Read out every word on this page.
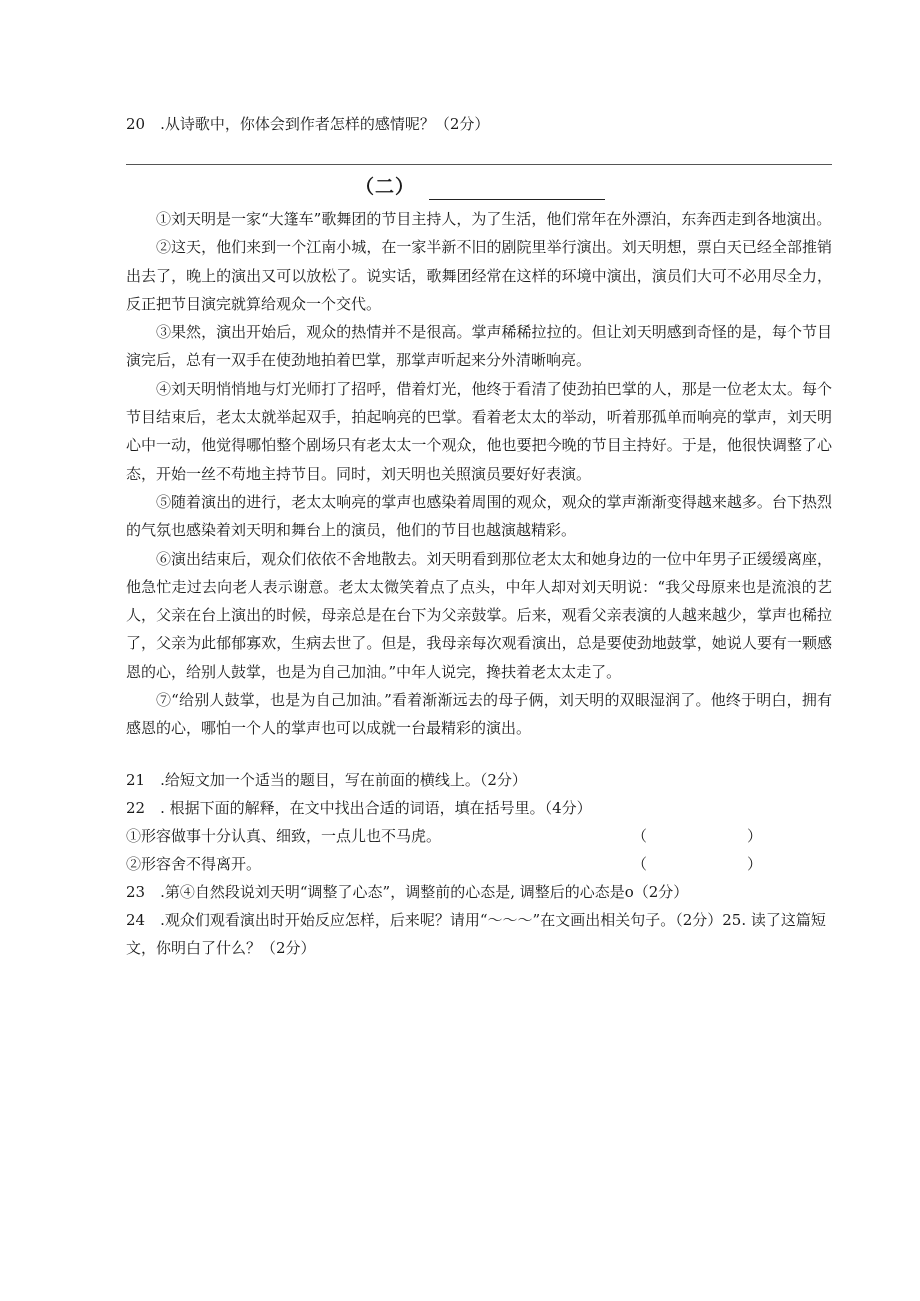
20　.从诗歌中，你体会到作者怎样的感情呢？（2分）
（二）

①刘天明是一家“大篷车”歌舞团的节目主持人，为了生活，他们常年在外漂泊，东奔西走到各地演出。

②这天，他们来到一个江南小城，在一家半新不旧的剧院里举行演出。刘天明想，票白天已经全部推销出去了，晚上的演出又可以放松了。说实话，歌舞团经常在这样的环境中演出，演员们大可不必用尽全力，反正把节目演完就算给观众一个交代。

③果然，演出开始后，观众的热情并不是很高。掌声稀稀拉拉的。但让刘天明感到奇怪的是，每个节目演完后，总有一双手在使劲地拍着巴掌，那掌声听起来分外清晰响亮。

④刘天明悄悄地与灯光师打了招呼，借着灯光，他终于看清了使劲拍巴掌的人，那是一位老太太。每个节目结束后，老太太就举起双手，拍起响亮的巴掌。看着老太太的举动，听着那孤单而响亮的掌声，刘天明心中一动，他觉得哪怕整个剧场只有老太太一个观众，他也要把今晚的节目主持好。于是，他很快调整了心态，开始一丝不苟地主持节目。同时，刘天明也关照演员要好好表演。

⑤随着演出的进行，老太太响亮的掌声也感染着周围的观众，观众的掌声渐渐变得越来越多。台下热烈的气氛也感染着刘天明和舞台上的演员，他们的节目也越演越精彩。

⑥演出结束后，观众们依依不舍地散去。刘天明看到那位老太太和她身边的一位中年男子正缓缓离座，他急忙走过去向老人表示谢意。老太太微笑着点了点头，中年人却对刘天明说：“我父母原来也是流浪的艺人，父亲在台上演出的时候，母亲总是在台下为父亲鼓掌。后来，观看父亲表演的人越来越少，掌声也稀拉了，父亲为此郁郁寡欢，生病去世了。但是，我母亲每次观看演出，总是要使劲地鼓掌，她说人要有一颗感恩的心，给别人鼓掌，也是为自己加油。”中年人说完，搀扶着老太太走了。

⑦“给别人鼓掌，也是为自己加油。”看着渐渐远去的母子俩，刘天明的双眼湿润了。他终于明白，拥有感恩的心，哪怕一个人的掌声也可以成就一台最精彩的演出。

21　.给短文加一个适当的题目，写在前面的横线上。（2分）
22　. 根据下面的解释，在文中找出合适的词语，填在括号里。（4分）
①形容做事十分认真、细致，一点儿也不马虎。	（	）
②形容舍不得离开。	（	）
23　.第④自然段说刘天明“调整了心态”，调整前的心态是, 调整后的心态是o（2分）
24　.观众们观看演出时开始反应怎样，后来呢？请用“～～～”在文画出相关句子。（2分）25. 读了这篇短文，你明白了什么？（2分）
